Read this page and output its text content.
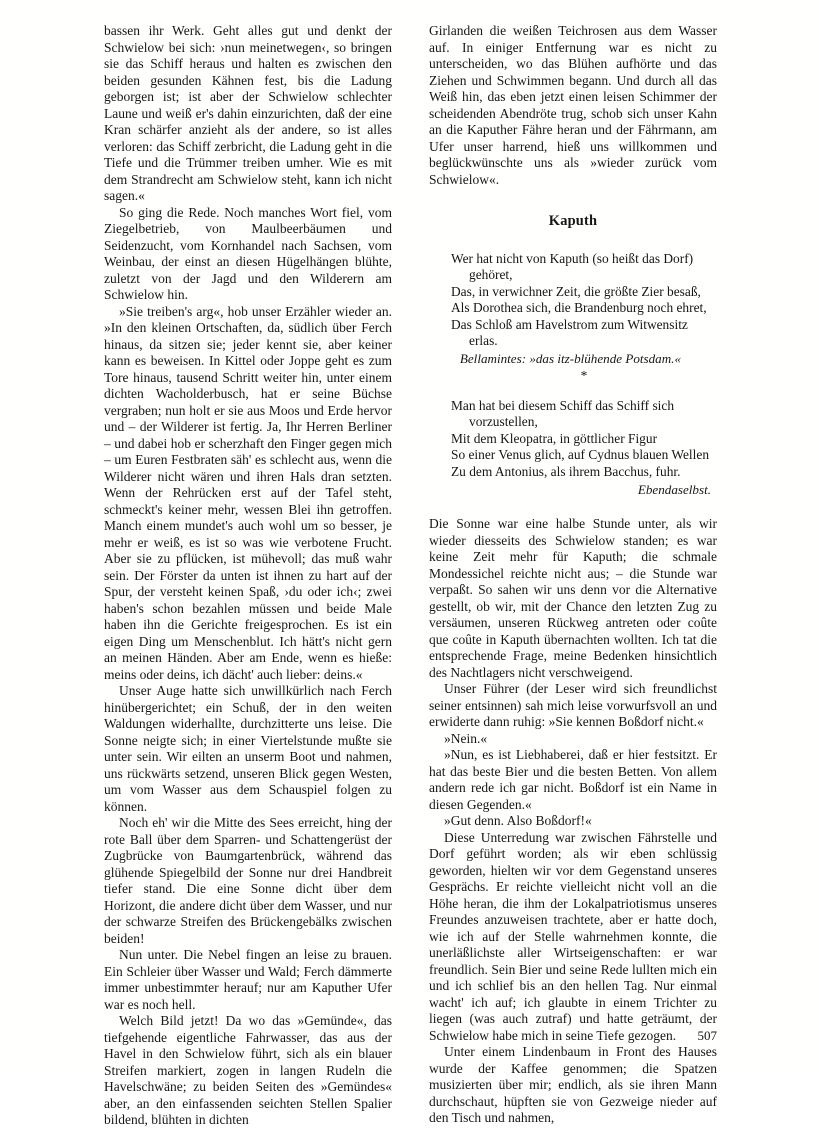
bassen ihr Werk. Geht alles gut und denkt der Schwielow bei sich: ›nun meinetwegen‹, so bringen sie das Schiff heraus und halten es zwischen den beiden gesunden Kähnen fest, bis die Ladung geborgen ist; ist aber der Schwielow schlechter Laune und weiß er's dahin einzurichten, daß der eine Kran schärfer anzieht als der andere, so ist alles verloren: das Schiff zerbricht, die Ladung geht in die Tiefe und die Trümmer treiben umher. Wie es mit dem Strandrecht am Schwielow steht, kann ich nicht sagen.«

So ging die Rede. Noch manches Wort fiel, vom Ziegelbetrieb, von Maulbeerbäumen und Seidenzucht, vom Kornhandel nach Sachsen, vom Weinbau, der einst an diesen Hügelhängen blühte, zuletzt von der Jagd und den Wilderern am Schwielow hin.

»Sie treiben's arg«, hob unser Erzähler wieder an. »In den kleinen Ortschaften, da, südlich über Ferch hinaus, da sitzen sie; jeder kennt sie, aber keiner kann es beweisen. In Kittel oder Joppe geht es zum Tore hinaus, tausend Schritt weiter hin, unter einem dichten Wacholderbusch, hat er seine Büchse vergraben; nun holt er sie aus Moos und Erde hervor und – der Wilderer ist fertig. Ja, Ihr Herren Berliner – und dabei hob er scherzhaft den Finger gegen mich – um Euren Festbraten säh' es schlecht aus, wenn die Wilderer nicht wären und ihren Hals dran setzten. Wenn der Rehrücken erst auf der Tafel steht, schmeckt's keiner mehr, wessen Blei ihn getroffen. Manch einem mundet's auch wohl um so besser, je mehr er weiß, es ist so was wie verbotene Frucht. Aber sie zu pflücken, ist mühevoll; das muß wahr sein. Der Förster da unten ist ihnen zu hart auf der Spur, der versteht keinen Spaß, ›du oder ich‹; zwei haben's schon bezahlen müssen und beide Male haben ihn die Gerichte freigesprochen. Es ist ein eigen Ding um Menschenblut. Ich hätt's nicht gern an meinen Händen. Aber am Ende, wenn es hieße: meins oder deins, ich dächt' auch lieber: deins.«

Unser Auge hatte sich unwillkürlich nach Ferch hinübergerichtet; ein Schuß, der in den weiten Waldungen widerhallte, durchzitterte uns leise. Die Sonne neigte sich; in einer Viertelstunde mußte sie unter sein. Wir eilten an unserm Boot und nahmen, uns rückwärts setzend, unseren Blick gegen Westen, um vom Wasser aus dem Schauspiel folgen zu können.

Noch eh' wir die Mitte des Sees erreicht, hing der rote Ball über dem Sparren- und Schattengerüst der Zugbrücke von Baumgartenbrück, während das glühende Spiegelbild der Sonne nur drei Handbreit tiefer stand. Die eine Sonne dicht über dem Horizont, die andere dicht über dem Wasser, und nur der schwarze Streifen des Brückengebälks zwischen beiden!

Nun unter. Die Nebel fingen an leise zu brauen. Ein Schleier über Wasser und Wald; Ferch dämmerte immer unbestimmter herauf; nur am Kaputher Ufer war es noch hell.

Welch Bild jetzt! Da wo das »Gemünde«, das tiefgehende eigentliche Fahrwasser, das aus der Havel in den Schwielow führt, sich als ein blauer Streifen markiert, zogen in langen Rudeln die Havelschwäne; zu beiden Seiten des »Gemündes« aber, an den einfassenden seichten Stellen Spalier bildend, blühten in dichten

Girlanden die weißen Teichrosen aus dem Wasser auf. In einiger Entfernung war es nicht zu unterscheiden, wo das Blühen aufhörte und das Ziehen und Schwimmen begann. Und durch all das Weiß hin, das eben jetzt einen leisen Schimmer der scheidenden Abendröte trug, schob sich unser Kahn an die Kaputher Fähre heran und der Fährmann, am Ufer unser harrend, hieß uns willkommen und beglückwünschte uns als »wieder zurück vom Schwielow«.

Kaputh
Wer hat nicht von Kaputh (so heißt das Dorf)
gehöret,
Das, in verwichner Zeit, die größte Zier besaß,
Als Dorothea sich, die Brandenburg noch ehret,
Das Schloß am Havelstrom zum Witwensitz erlas.
Bellamintes: »das itz-blühende Potsdam.«
*
Man hat bei diesem Schiff das Schiff sich
vorzustellen,
Mit dem Kleopatra, in göttlicher Figur
So einer Venus glich, auf Cydnus blauen Wellen
Zu dem Antonius, als ihrem Bacchus, fuhr.
Ebendaselbst.

Die Sonne war eine halbe Stunde unter, als wir wieder diesseits des Schwielow standen; es war keine Zeit mehr für Kaputh; die schmale Mondessichel reichte nicht aus; – die Stunde war verpaßt. So sahen wir uns denn vor die Alternative gestellt, ob wir, mit der Chance den letzten Zug zu versäumen, unseren Rückweg antreten oder coûte que coûte in Kaputh übernachten wollten. Ich tat die entsprechende Frage, meine Bedenken hinsichtlich des Nachtlagers nicht verschweigend.

Unser Führer (der Leser wird sich freundlichst seiner entsinnen) sah mich leise vorwurfsvoll an und erwiderte dann ruhig: »Sie kennen Boßdorf nicht.«

»Nein.«

»Nun, es ist Liebhaberei, daß er hier festsitzt. Er hat das beste Bier und die besten Betten. Von allem andern rede ich gar nicht. Boßdorf ist ein Name in diesen Gegenden.«

»Gut denn. Also Boßdorf!«

Diese Unterredung war zwischen Fährstelle und Dorf geführt worden; als wir eben schlüssig geworden, hielten wir vor dem Gegenstand unseres Gesprächs. Er reichte vielleicht nicht voll an die Höhe heran, die ihm der Lokalpatriotismus unseres Freundes anzuweisen trachtete, aber er hatte doch, wie ich auf der Stelle wahrnehmen konnte, die unerläßlichste aller Wirtseigenschaften: er war freundlich. Sein Bier und seine Rede lullten mich ein und ich schlief bis an den hellen Tag. Nur einmal wacht' ich auf; ich glaubte in einem Trichter zu liegen (was auch zutraf) und hatte geträumt, der Schwielow habe mich in seine Tiefe gezogen.

Unter einem Lindenbaum in Front des Hauses wurde der Kaffee genommen; die Spatzen musizierten über mir; endlich, als sie ihren Mann durchschaut, hüpften sie von Gezweige nieder auf den Tisch und nahmen,

507
